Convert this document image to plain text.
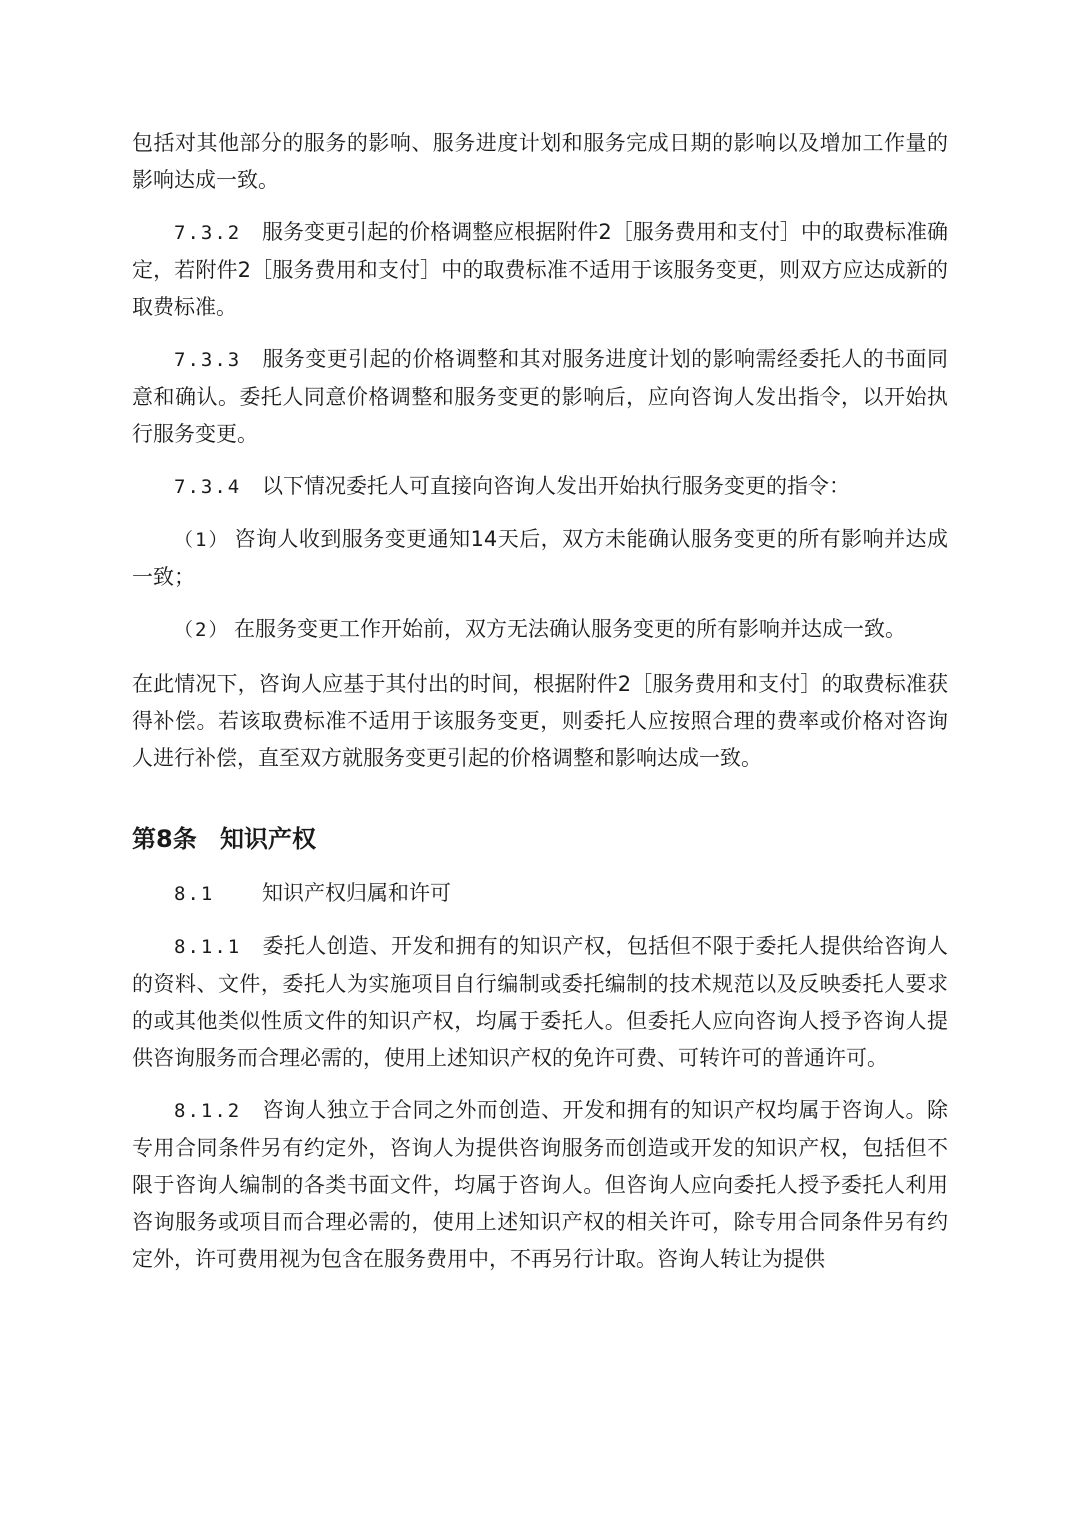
包括对其他部分的服务的影响、服务进度计划和服务完成日期的影响以及增加工作量的影响达成一致。

7.3.2 服务变更引起的价格调整应根据附件2［服务费用和支付］中的取费标准确定，若附件2［服务费用和支付］中的取费标准不适用于该服务变更，则双方应达成新的取费标准。

7.3.3 服务变更引起的价格调整和其对服务进度计划的影响需经委托人的书面同意和确认。委托人同意价格调整和服务变更的影响后，应向咨询人发出指令，以开始执行服务变更。

7.3.4 以下情况委托人可直接向咨询人发出开始执行服务变更的指令：

（1） 咨询人收到服务变更通知14天后，双方未能确认服务变更的所有影响并达成一致；

（2） 在服务变更工作开始前，双方无法确认服务变更的所有影响并达成一致。

在此情况下，咨询人应基于其付出的时间，根据附件2［服务费用和支付］的取费标准获得补偿。若该取费标准不适用于该服务变更，则委托人应按照合理的费率或价格对咨询人进行补偿，直至双方就服务变更引起的价格调整和影响达成一致。

第8条 知识产权

8.1 知识产权归属和许可

8.1.1 委托人创造、开发和拥有的知识产权，包括但不限于委托人提供给咨询人的资料、文件，委托人为实施项目自行编制或委托编制的技术规范以及反映委托人要求的或其他类似性质文件的知识产权，均属于委托人。但委托人应向咨询人授予咨询人提供咨询服务而合理必需的，使用上述知识产权的免许可费、可转许可的普通许可。

8.1.2 咨询人独立于合同之外而创造、开发和拥有的知识产权均属于咨询人。除专用合同条件另有约定外，咨询人为提供咨询服务而创造或开发的知识产权，包括但不限于咨询人编制的各类书面文件，均属于咨询人。但咨询人应向委托人授予委托人利用咨询服务或项目而合理必需的，使用上述知识产权的相关许可，除专用合同条件另有约定外，许可费用视为包含在服务费用中，不再另行计取。咨询人转让为提供
